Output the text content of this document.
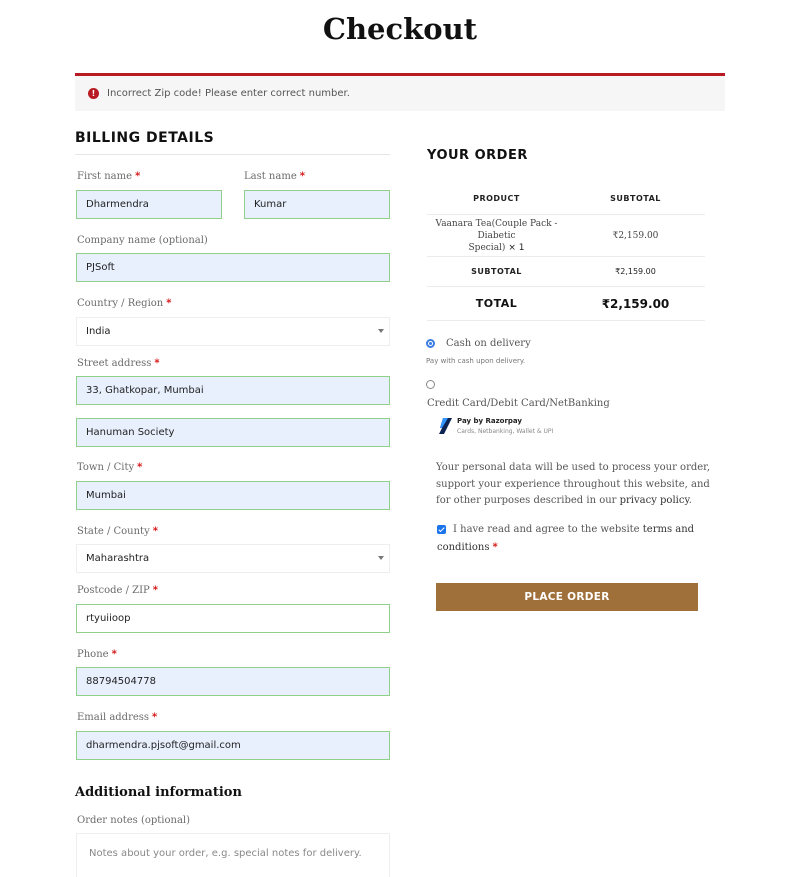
Checkout
!	Incorrect Zip code! Please enter correct number.
BILLING DETAILS
First name *
Dharmendra
Last name *
Kumar
Company name (optional)
PJSoft
Country / Region *
India
Street address *
33, Ghatkopar, Mumbai
Hanuman Society
Town / City *
Mumbai
State / County *
Maharashtra
Postcode / ZIP *
rtyuiioop
Phone *
88794504778
Email address *
dharmendra.pjsoft@gmail.com
Additional information
Order notes (optional)
Notes about your order, e.g. special notes for delivery.
YOUR ORDER
PRODUCT	SUBTOTAL
Vaanara Tea(Couple Pack - Diabetic
Special) × 1
₹2,159.00
SUBTOTAL	₹2,159.00
TOTAL	₹2,159.00
Cash on delivery
Pay with cash upon delivery.
Credit Card/Debit Card/NetBanking
Pay by Razorpay
Cards, Netbanking, Wallet & UPI
Your personal data will be used to process your order, support your experience throughout this website, and for other purposes described in our privacy policy.
I have read and agree to the website terms and conditions *
PLACE ORDER
